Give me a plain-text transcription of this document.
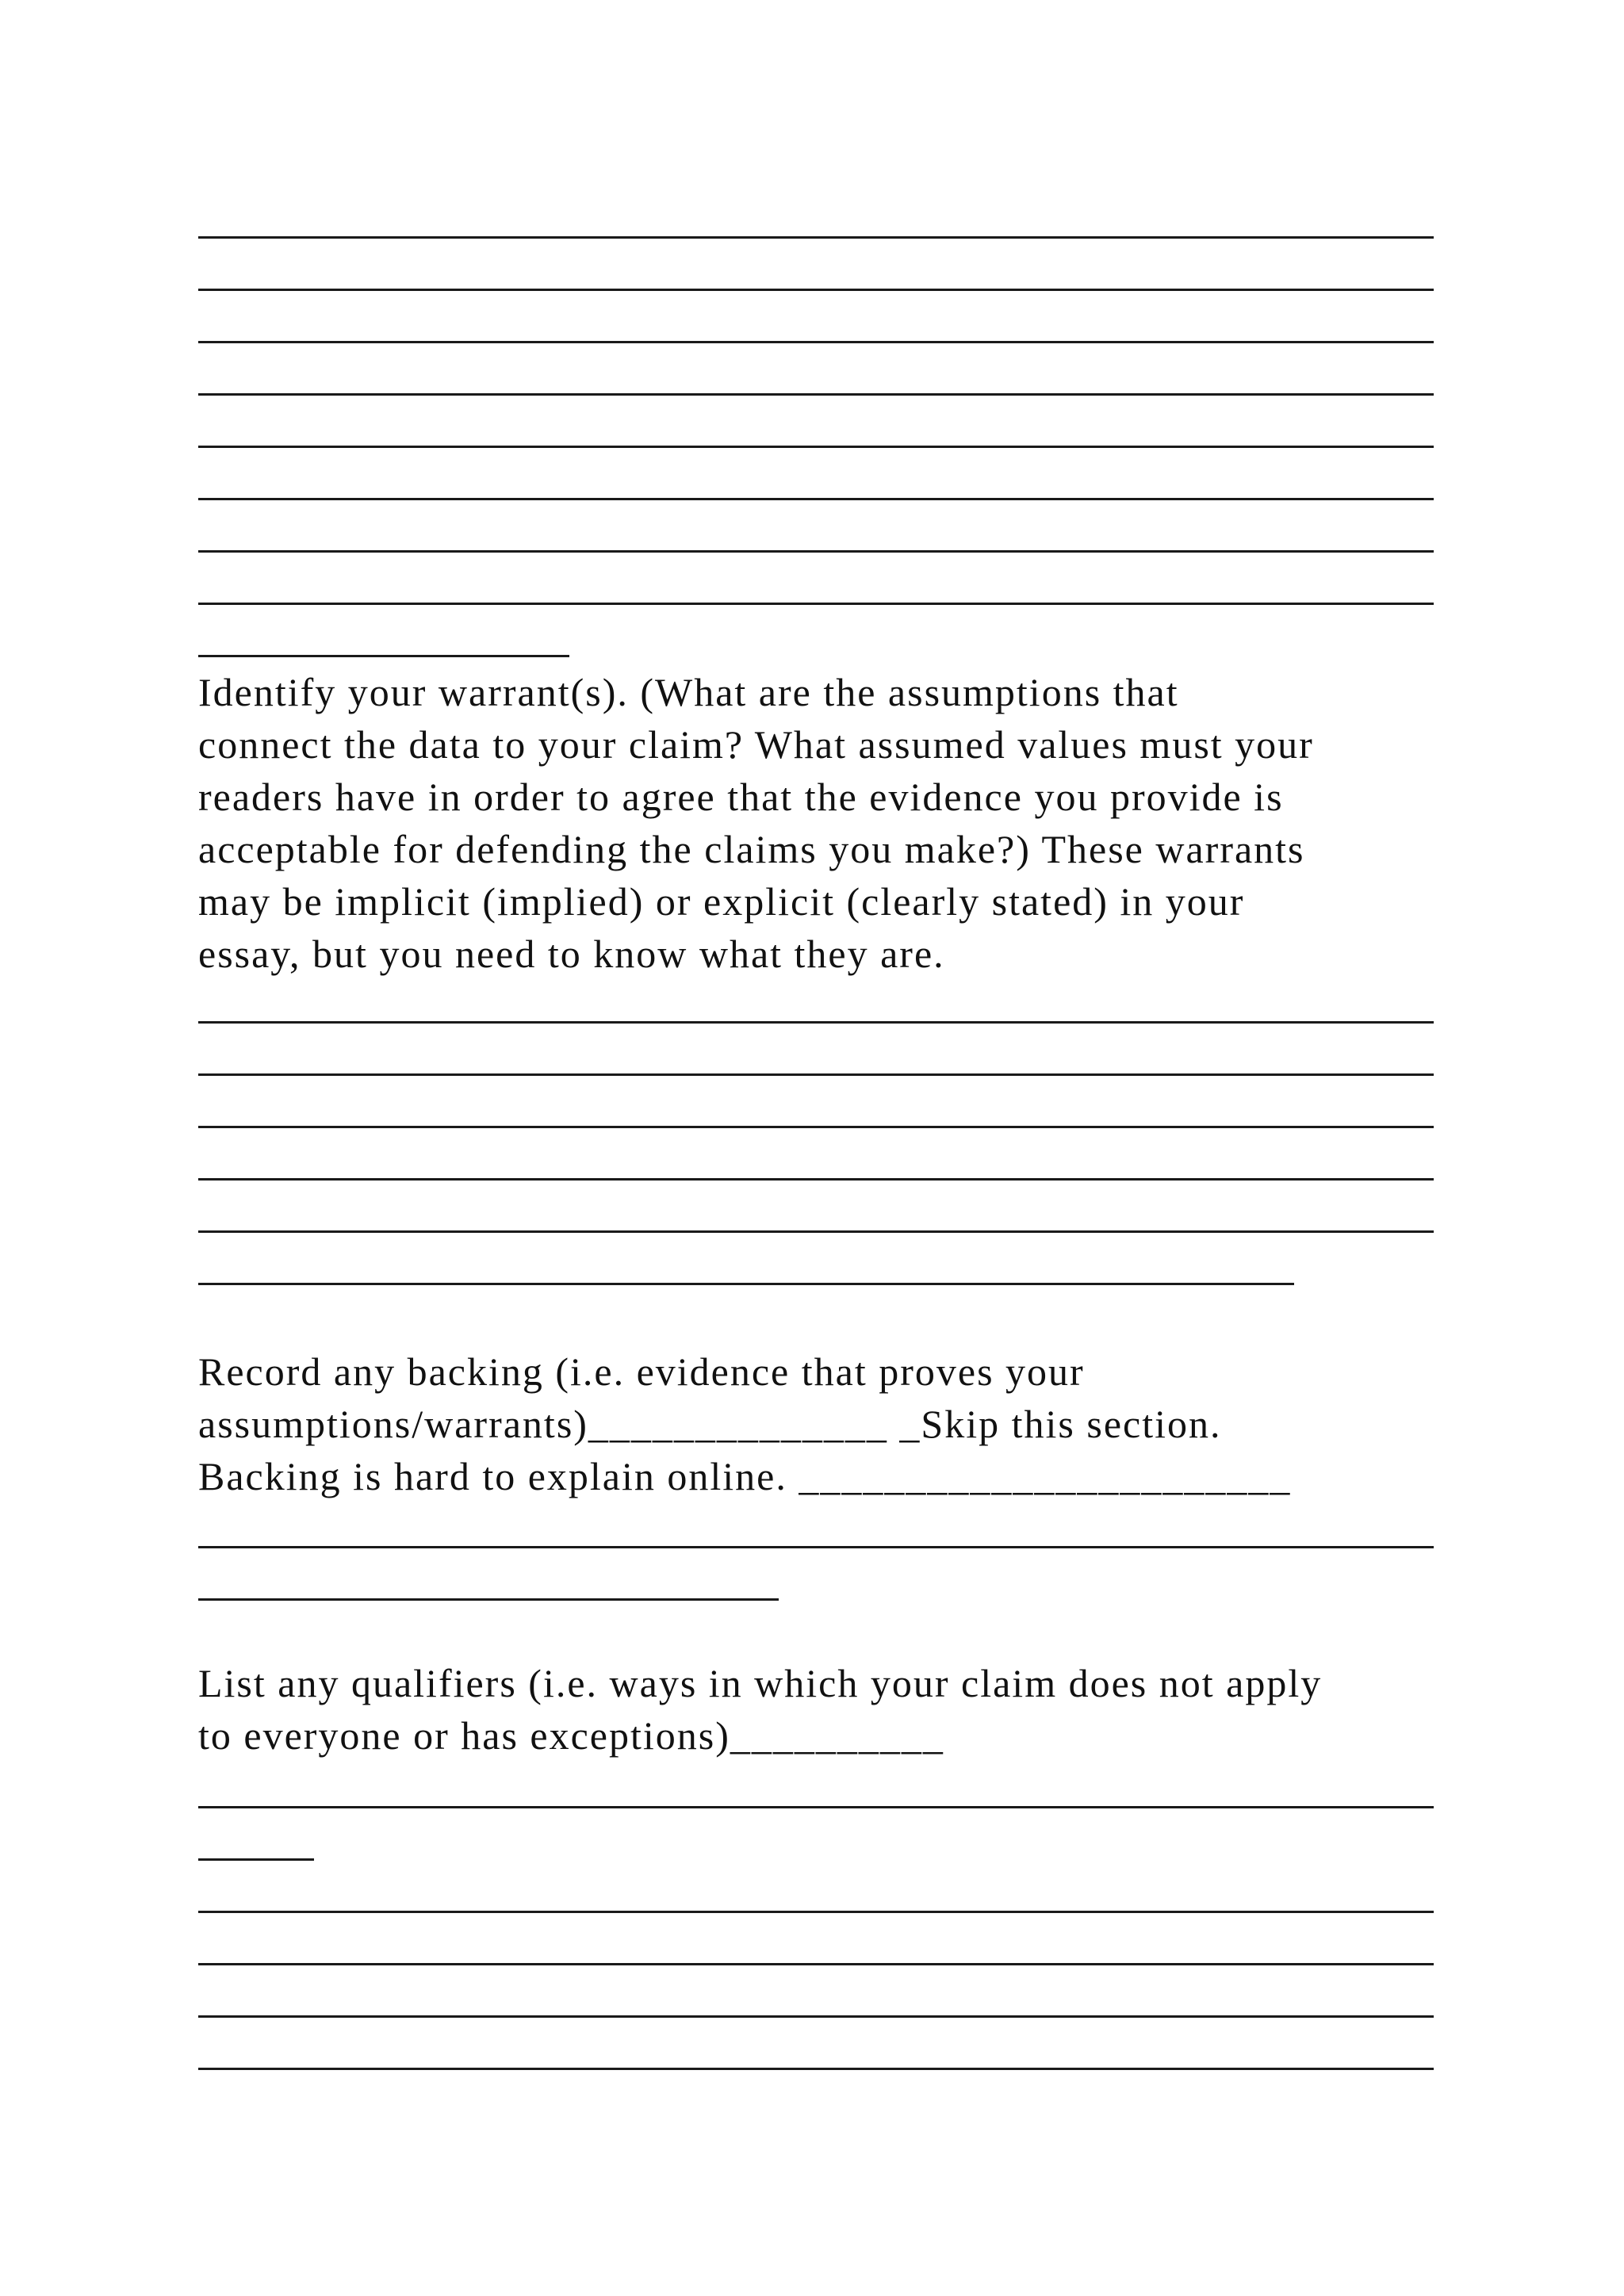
Identify your warrant(s). (What are the assumptions that
connect the data to your claim? What assumed values must your
readers have in order to agree that the evidence you provide is
acceptable for defending the claims you make?) These warrants
may be implicit (implied) or explicit (clearly stated) in your
essay, but you need to know what they are.

Record any backing (i.e. evidence that proves your
assumptions/warrants)______________ _Skip this section.
Backing is hard to explain online. _______________________

List any qualifiers (i.e. ways in which your claim does not apply
to everyone or has exceptions)__________
